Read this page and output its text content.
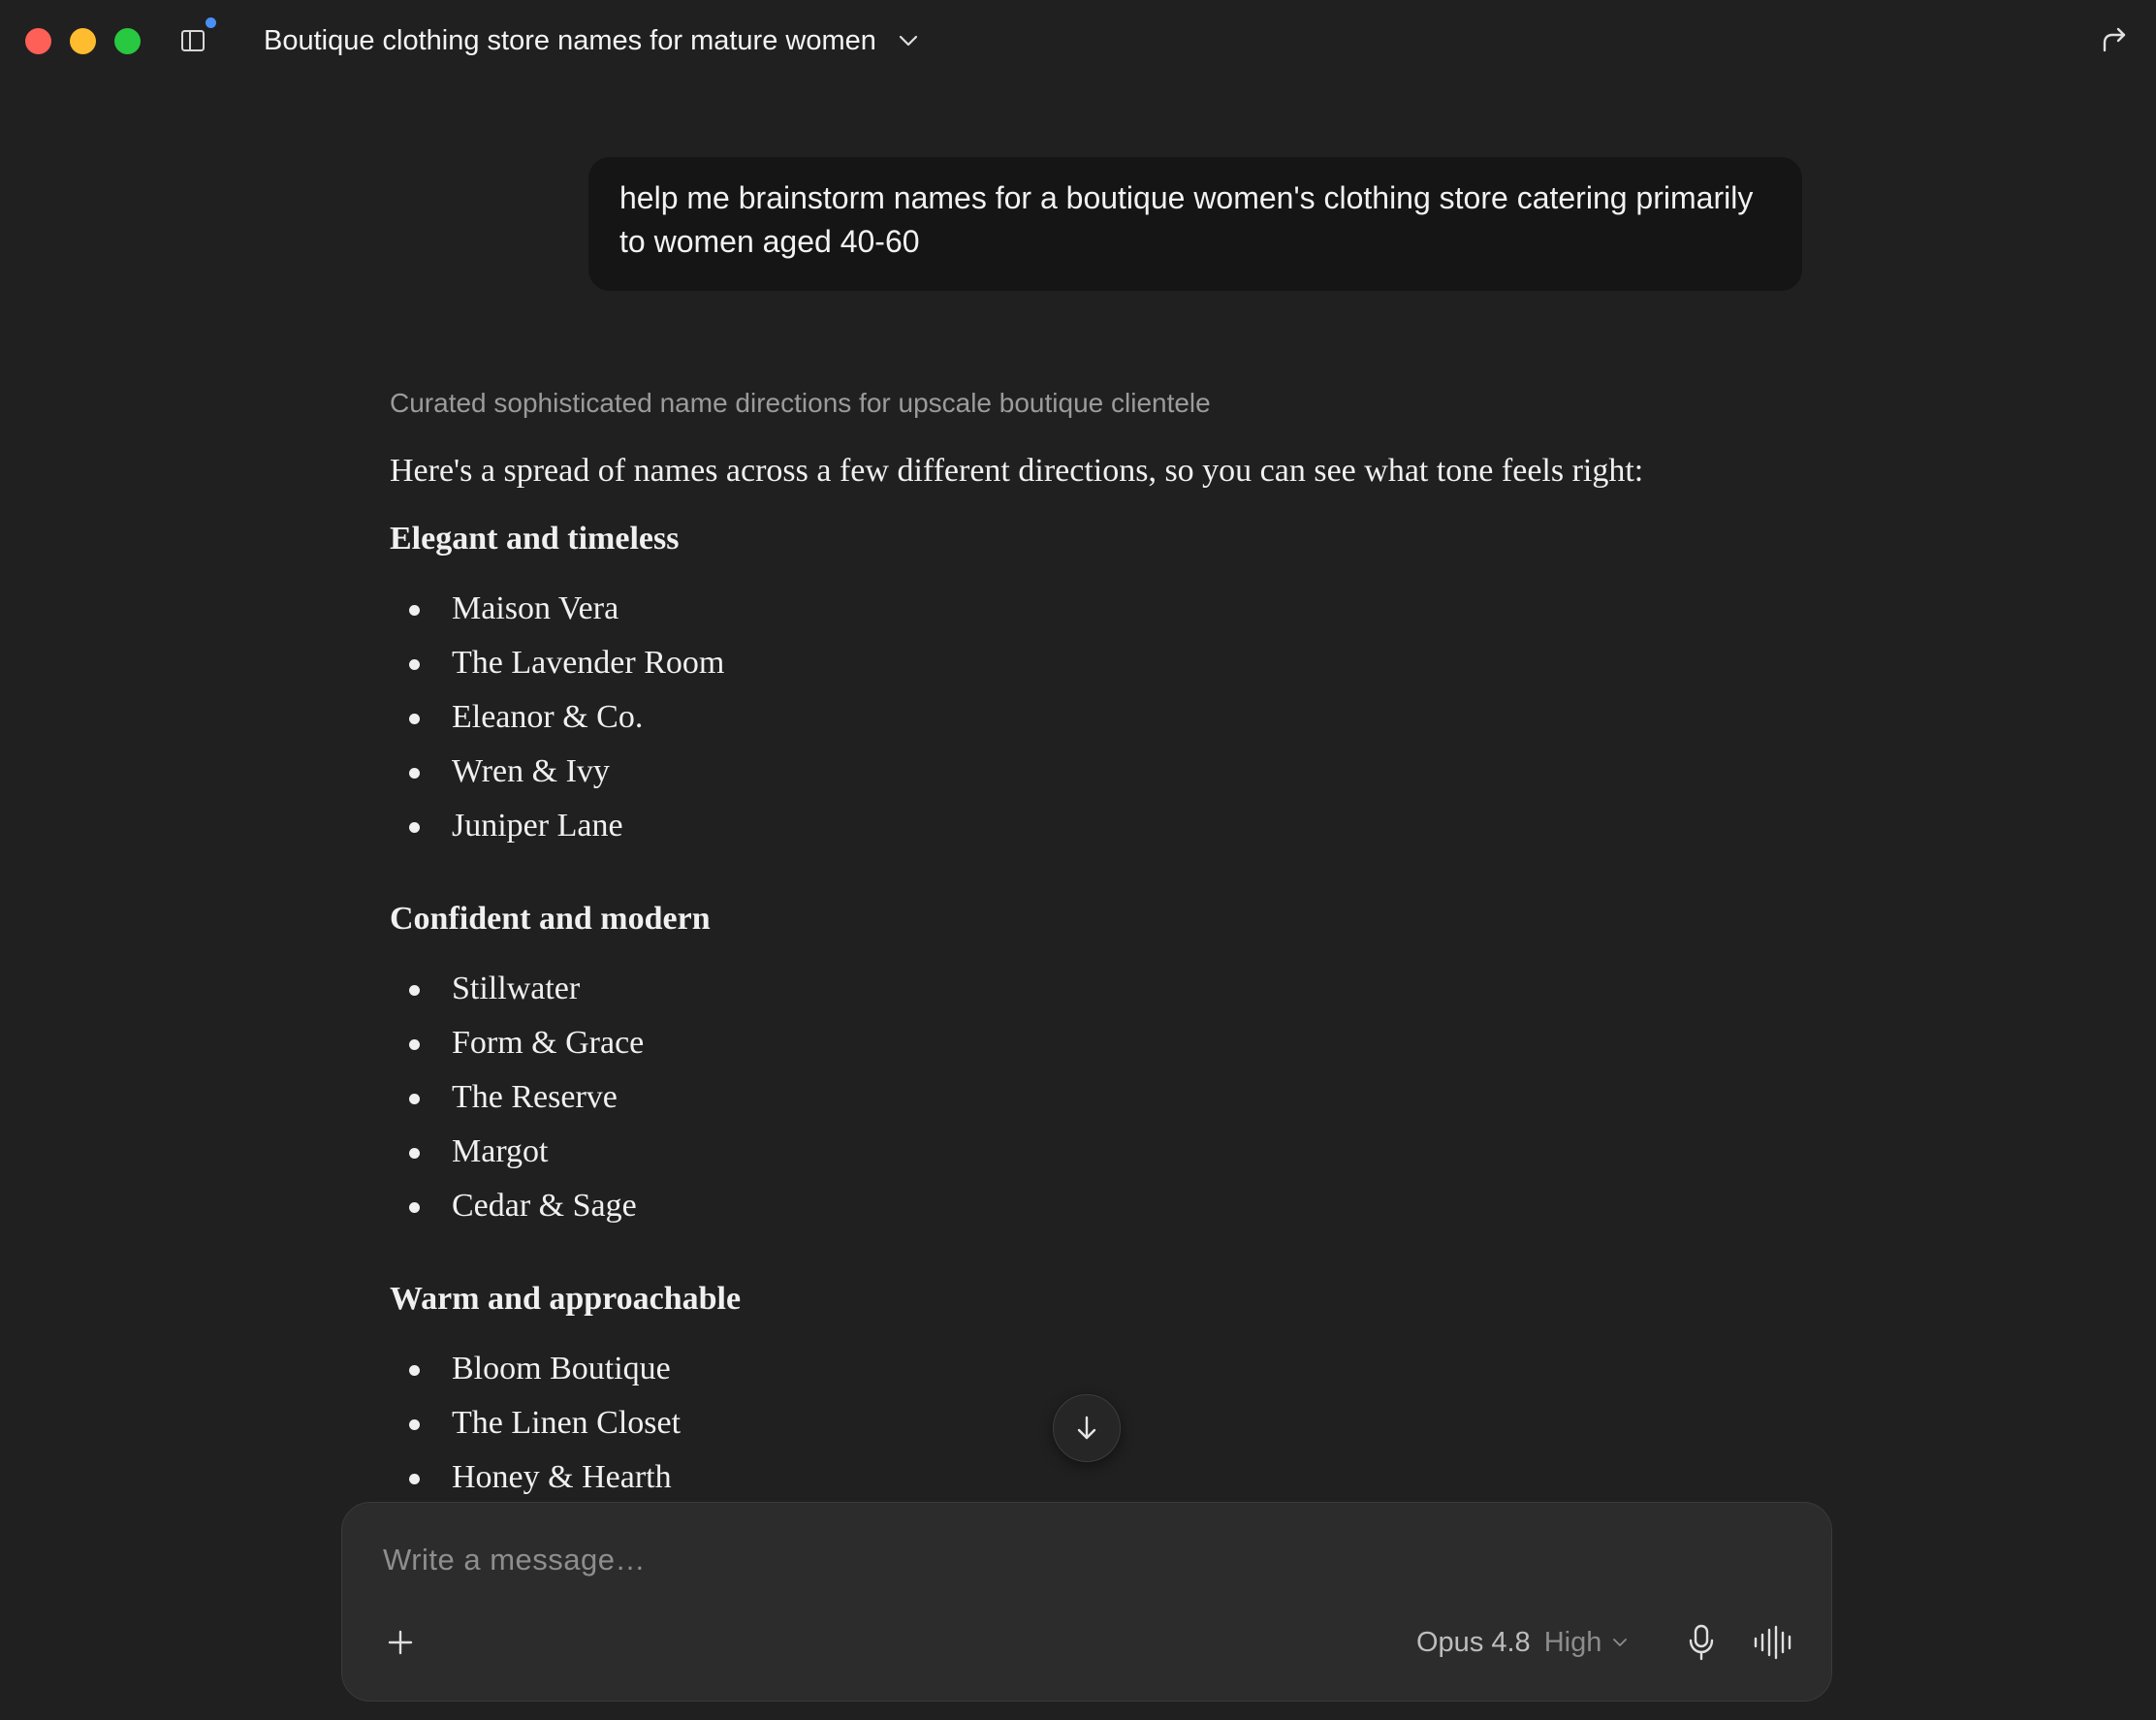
Boutique clothing store names for mature women
help me brainstorm names for a boutique women's clothing store catering primarily to women aged 40-60
Curated sophisticated name directions for upscale boutique clientele

Here's a spread of names across a few different directions, so you can see what tone feels right:

Elegant and timeless
Maison Vera
The Lavender Room
Eleanor & Co.
Wren & Ivy
Juniper Lane
Confident and modern
Stillwater
Form & Grace
The Reserve
Margot
Cedar & Sage
Warm and approachable
Bloom Boutique
The Linen Closet
Honey & Hearth
Write a message…
Opus 4.8 High
